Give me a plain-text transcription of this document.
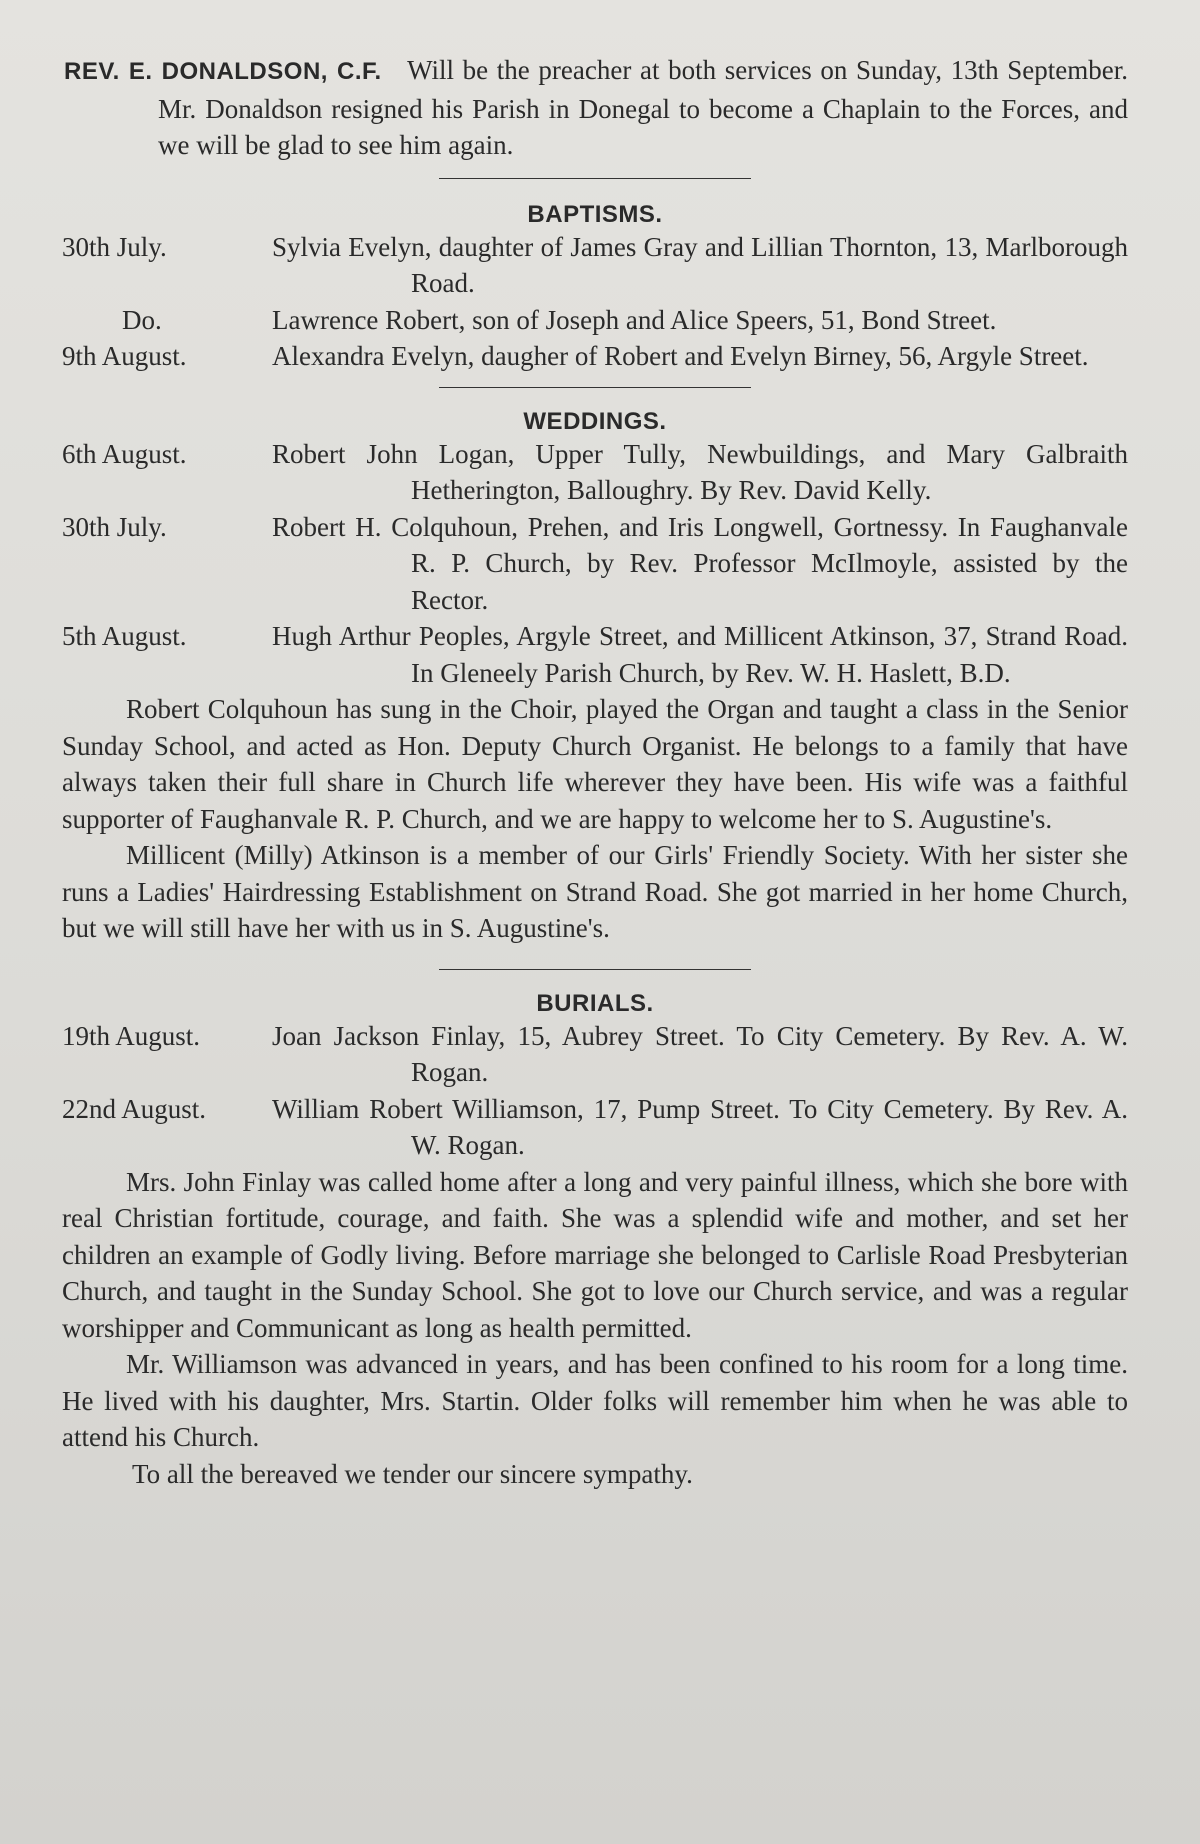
REV. E. DONALDSON, C.F. Will be the preacher at both services on Sunday, 13th September. Mr. Donaldson resigned his Parish in Donegal to become a Chaplain to the Forces, and we will be glad to see him again.

BAPTISMS.
30th July.	Sylvia Evelyn, daughter of James Gray and Lillian Thornton, 13, Marlborough Road.
Do.	Lawrence Robert, son of Joseph and Alice Speers, 51, Bond Street.
9th August.	Alexandra Evelyn, daugher of Robert and Evelyn Birney, 56, Argyle Street.
WEDDINGS.
6th August.	Robert John Logan, Upper Tully, Newbuildings, and Mary Galbraith Hetherington, Balloughry. By Rev. David Kelly.
30th July.	Robert H. Colquhoun, Prehen, and Iris Longwell, Gortnessy. In Faughanvale R. P. Church, by Rev. Professor McIlmoyle, assisted by the Rector.
5th August.	Hugh Arthur Peoples, Argyle Street, and Millicent Atkinson, 37, Strand Road. In Gleneely Parish Church, by Rev. W. H. Haslett, B.D.

Robert Colquhoun has sung in the Choir, played the Organ and taught a class in the Senior Sunday School, and acted as Hon. Deputy Church Organist. He belongs to a family that have always taken their full share in Church life wherever they have been. His wife was a faithful supporter of Faughanvale R. P. Church, and we are happy to welcome her to S. Augustine's.

Millicent (Milly) Atkinson is a member of our Girls' Friendly Society. With her sister she runs a Ladies' Hairdressing Establishment on Strand Road. She got married in her home Church, but we will still have her with us in S. Augustine's.

BURIALS.
19th August.	Joan Jackson Finlay, 15, Aubrey Street. To City Cemetery. By Rev. A. W. Rogan.
22nd August.	William Robert Williamson, 17, Pump Street. To City Cemetery. By Rev. A. W. Rogan.

Mrs. John Finlay was called home after a long and very painful illness, which she bore with real Christian fortitude, courage, and faith. She was a splendid wife and mother, and set her children an example of Godly living. Before marriage she belonged to Carlisle Road Presbyterian Church, and taught in the Sunday School. She got to love our Church service, and was a regular worshipper and Communicant as long as health permitted.

Mr. Williamson was advanced in years, and has been confined to his room for a long time. He lived with his daughter, Mrs. Startin. Older folks will remember him when he was able to attend his Church.

To all the bereaved we tender our sincere sympathy.
